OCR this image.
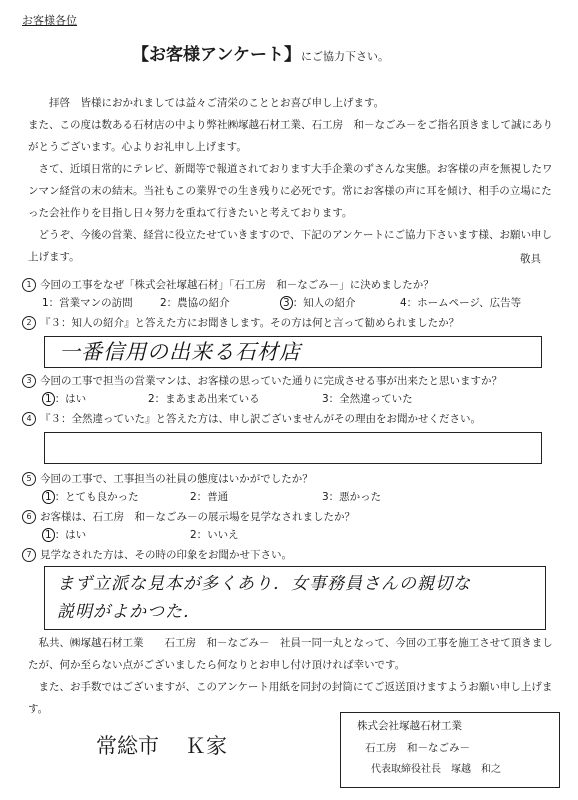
お客様各位
【お客様アンケート】にご協力下さい。
拝啓　皆様におかれましては益々ご清栄のこととお喜び申し上げます。
また、この度は数ある石材店の中より弊社㈱塚越石材工業、石工房　和－なごみ－をご指名頂きまして誠にありがとうございます。心よりお礼申し上げます。
さて、近頃日常的にテレビ、新聞等で報道されております大手企業のずさんな実態。お客様の声を無視したワンマン経営の末の結末。当社もこの業界での生き残りに必死です。常にお客様の声に耳を傾け、相手の立場にたった会社作りを目指し日々努力を重ねて行きたいと考えております。
どうぞ、今後の営業、経営に役立たせていきますので、下記のアンケートにご協力下さいます様、お願い申し上げます。	敬具
1 今回の工事をなぜ「株式会社塚越石材」「石工房　和－なごみ－」に決めましたか？
1：営業マンの訪問	2：農協の紹介	3 ：知人の紹介	4：ホームページ、広告等
2 『３：知人の紹介』と答えた方にお聞きします。その方は何と言って勧められましたか？
一番信用の出来る石材店
3 今回の工事で担当の営業マンは、お客様の思っていた通りに完成させる事が出来たと思いますか？
1 ：はい	2：まあまあ出来ている	3：全然違っていた
4 『３：全然違っていた』と答えた方は、申し訳ございませんがその理由をお聞かせください。
5 今回の工事で、工事担当の社員の態度はいかがでしたか？
1 ：とても良かった	2：普通	3：悪かった
6 お客様は、石工房　和－なごみ－の展示場を見学なされましたか？
1 ：はい	2：いいえ
7 見学なされた方は、その時の印象をお聞かせ下さい。
まず立派な見本が多くあり．女事務員さんの親切な
説明がよかつた．
私共、㈱塚越石材工業　　石工房　和－なごみ－　社員一同一丸となって、今回の工事を施工させて頂きましたが、何か至らない点がございましたら何なりとお申し付け頂ければ幸いです。
また、お手数ではございますが、このアンケート用紙を同封の封筒にてご返送頂けますようお願い申し上げます。
常総市 Ｋ家
株式会社塚越石材工業
石工房　和－なごみ－
代表取締役社長　塚越　和之
